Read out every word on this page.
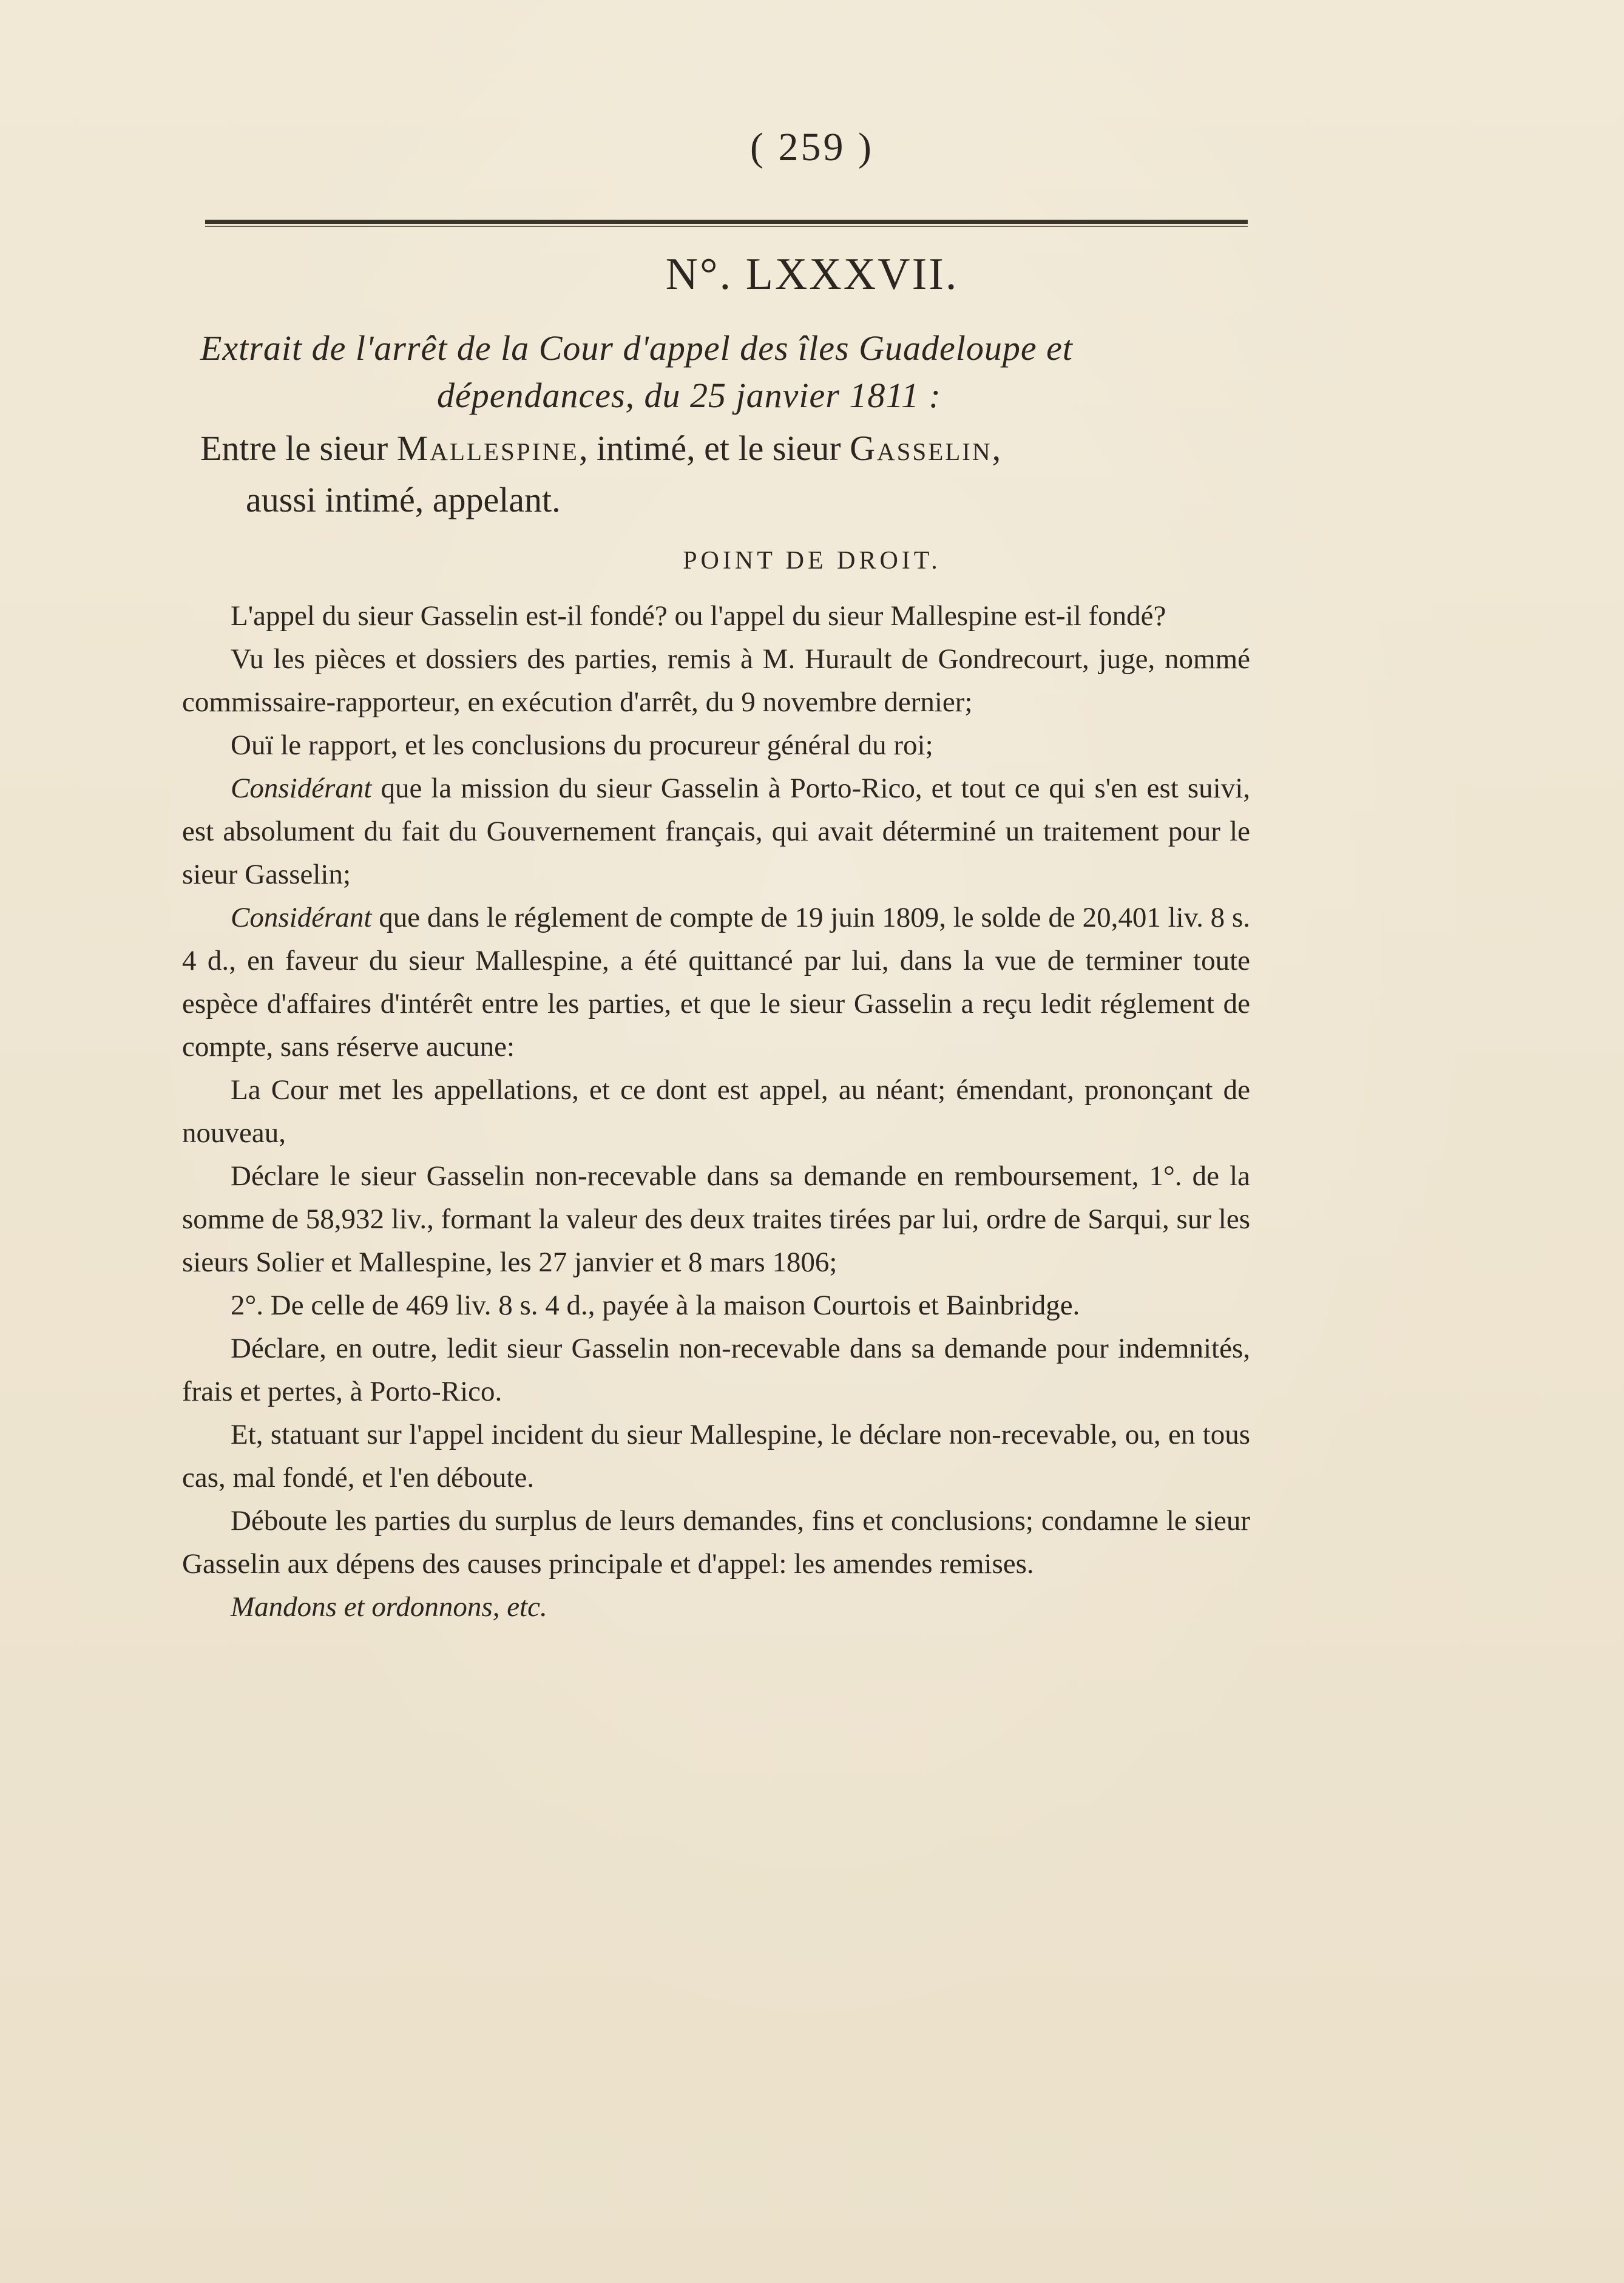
( 259 )
N°. LXXXVII.
Extrait de l'arrêt de la Cour d'appel des îles Guadeloupe et
dépendances, du 25 janvier 1811 :
Entre le sieur Mallespine, intimé, et le sieur Gasselin,
aussi intimé, appelant.
POINT DE DROIT.

L'appel du sieur Gasselin est-il fondé? ou l'appel du sieur Mallespine est-il fondé?

Vu les pièces et dossiers des parties, remis à M. Hurault de Gondrecourt, juge, nommé commissaire-rapporteur, en exécution d'arrêt, du 9 novembre dernier;

Ouï le rapport, et les conclusions du procureur général du roi;

Considérant que la mission du sieur Gasselin à Porto-Rico, et tout ce qui s'en est suivi, est absolument du fait du Gouvernement français, qui avait déterminé un traitement pour le sieur Gasselin;

Considérant que dans le réglement de compte de 19 juin 1809, le solde de 20,401 liv. 8 s. 4 d., en faveur du sieur Mallespine, a été quittancé par lui, dans la vue de terminer toute espèce d'affaires d'intérêt entre les parties, et que le sieur Gasselin a reçu ledit réglement de compte, sans réserve aucune:

La Cour met les appellations, et ce dont est appel, au néant; émendant, prononçant de nouveau,

Déclare le sieur Gasselin non-recevable dans sa demande en remboursement, 1°. de la somme de 58,932 liv., formant la valeur des deux traites tirées par lui, ordre de Sarqui, sur les sieurs Solier et Mallespine, les 27 janvier et 8 mars 1806;

2°. De celle de 469 liv. 8 s. 4 d., payée à la maison Courtois et Bainbridge.

Déclare, en outre, ledit sieur Gasselin non-recevable dans sa demande pour indemnités, frais et pertes, à Porto-Rico.

Et, statuant sur l'appel incident du sieur Mallespine, le déclare non-recevable, ou, en tous cas, mal fondé, et l'en déboute.

Déboute les parties du surplus de leurs demandes, fins et conclusions; condamne le sieur Gasselin aux dépens des causes principale et d'appel: les amendes remises.

Mandons et ordonnons, etc.
